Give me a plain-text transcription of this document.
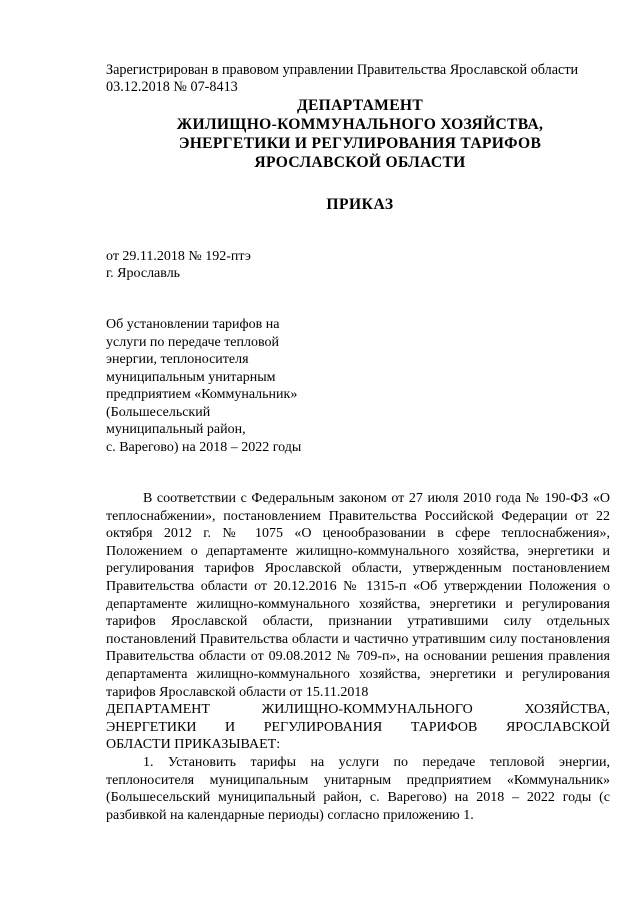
Зарегистрирован в правовом управлении Правительства Ярославской области
03.12.2018 № 07-8413
ДЕПАРТАМЕНТ
ЖИЛИЩНО-КОММУНАЛЬНОГО ХОЗЯЙСТВА,
ЭНЕРГЕТИКИ И РЕГУЛИРОВАНИЯ ТАРИФОВ
ЯРОСЛАВСКОЙ ОБЛАСТИ
ПРИКАЗ
от 29.11.2018 № 192-птэ
г. Ярославль
Об установлении тарифов на
услуги по передаче тепловой
энергии, теплоносителя
муниципальным унитарным
предприятием «Коммунальник»
(Большесельский
муниципальный район,
с. Варегово) на 2018 – 2022 годы

В соответствии с Федеральным законом от 27 июля 2010 года № 190-ФЗ «О теплоснабжении», постановлением Правительства Российской Федерации от 22 октября 2012 г. № 1075 «О ценообразовании в сфере теплоснабжения», Положением о департаменте жилищно-коммунального хозяйства, энергетики и регулирования тарифов Ярославской области, утвержденным постановлением Правительства области от 20.12.2016 № 1315-п «Об утверждении Положения о департаменте жилищно-коммунального хозяйства, энергетики и регулирования тарифов Ярославской области, признании утратившими силу отдельных постановлений Правительства области и частично утратившим силу постановления Правительства области от 09.08.2012 № 709-п», на основании решения правления департамента жилищно-коммунального хозяйства, энергетики и регулирования тарифов Ярославской области от 15.11.2018

ДЕПАРТАМЕНТ ЖИЛИЩНО-КОММУНАЛЬНОГО ХОЗЯЙСТВА,
ЭНЕРГЕТИКИ И РЕГУЛИРОВАНИЯ ТАРИФОВ ЯРОСЛАВСКОЙ
ОБЛАСТИ ПРИКАЗЫВАЕТ:

1. Установить тарифы на услуги по передаче тепловой энергии, теплоносителя муниципальным унитарным предприятием «Коммунальник» (Большесельский муниципальный район, с. Варегово) на 2018 – 2022 годы (с разбивкой на календарные периоды) согласно приложению 1.
